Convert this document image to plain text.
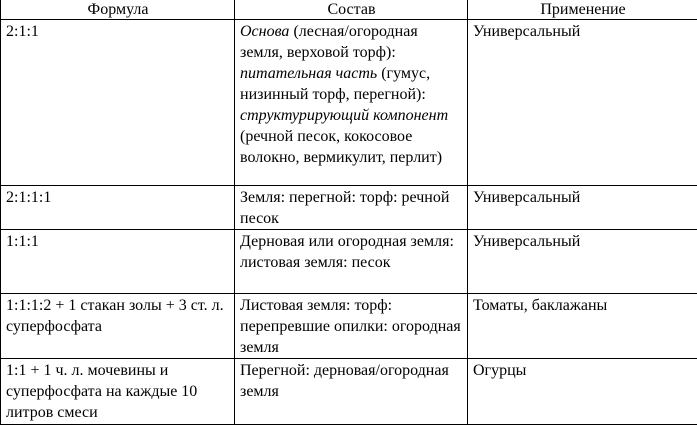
Формула	Состав	Применение
2:1:1	Основа (лесная/огородная земля, верховой торф): питательная часть (гумус, низинный торф, перегной): структурирующий компонент (речной песок, кокосовое волокно, вермикулит, перлит)	Универсальный
2:1:1:1	Земля: перегной: торф: речной песок	Универсальный
1:1:1	Дерновая или огородная земля: листовая земля: песок	Универсальный
1:1:1:2 + 1 стакан золы + 3 ст. л. суперфосфата	Листовая земля: торф: перепревшие опилки: огородная земля	Томаты, баклажаны
1:1 + 1 ч. л. мочевины и суперфосфата на каждые 10 литров смеси	Перегной: дерновая/огородная земля	Огурцы
